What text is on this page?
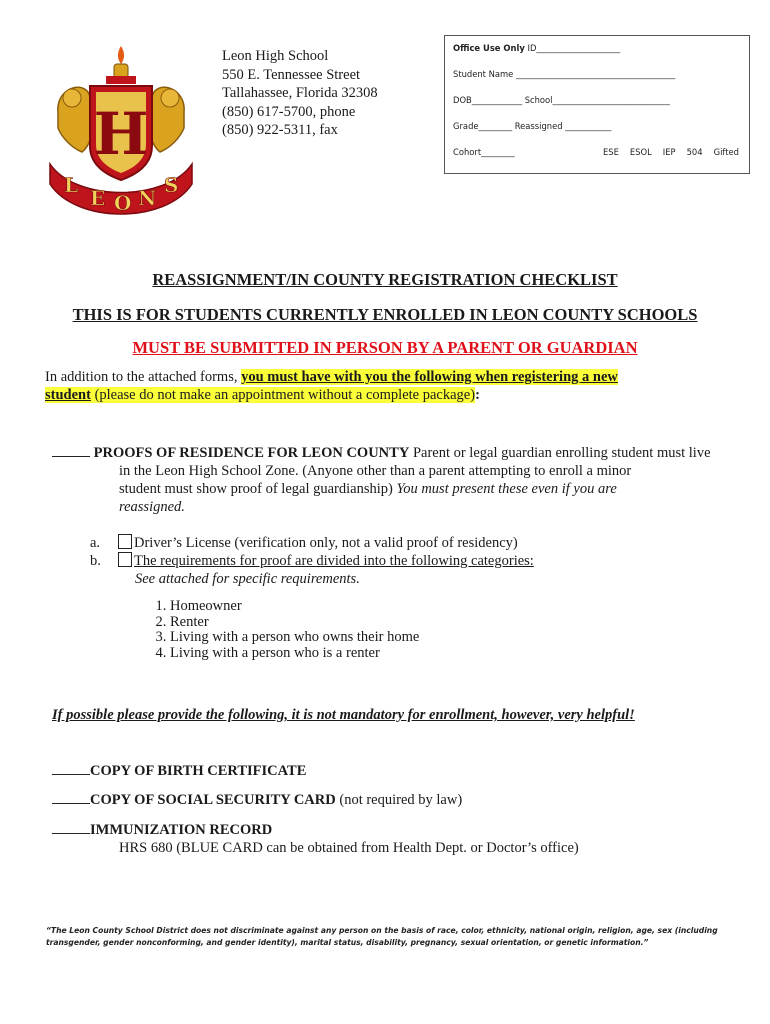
H
L E O N S
Leon High School
550 E. Tennessee Street
Tallahassee, Florida 32308
(850) 617-5700, phone
(850) 922-5311, fax
Office Use Only ID____________________
Student Name ______________________________________
DOB____________ School____________________________
Grade________ Reassigned ___________
Cohort________	ESE ESOL IEP 504 Gifted
REASSIGNMENT/IN COUNTY REGISTRATION CHECKLIST
THIS IS FOR STUDENTS CURRENTLY ENROLLED IN LEON COUNTY SCHOOLS
MUST BE SUBMITTED IN PERSON BY A PARENT OR GUARDIAN
In addition to the attached forms, you must have with you the following when registering a new
student (please do not make an appointment without a complete package):
PROOFS OF RESIDENCE FOR LEON COUNTY Parent or legal guardian enrolling student must live
in the Leon High School Zone. (Anyone other than a parent attempting to enroll a minor
student must show proof of legal guardianship) You must present these even if you are
reassigned.
a. Driver’s License (verification only, not a valid proof of residency)
b. The requirements for proof are divided into the following categories:
See attached for specific requirements.
1. Homeowner
2. Renter
3. Living with a person who owns their home
4. Living with a person who is a renter
If possible please provide the following, it is not mandatory for enrollment, however, very helpful!
COPY OF BIRTH CERTIFICATE
COPY OF SOCIAL SECURITY CARD (not required by law)
IMMUNIZATION RECORD
HRS 680 (BLUE CARD can be obtained from Health Dept. or Doctor’s office)
“The Leon County School District does not discriminate against any person on the basis of race, color, ethnicity, national origin, religion, age, sex (including
transgender, gender nonconforming, and gender identity), marital status, disability, pregnancy, sexual orientation, or genetic information.”
